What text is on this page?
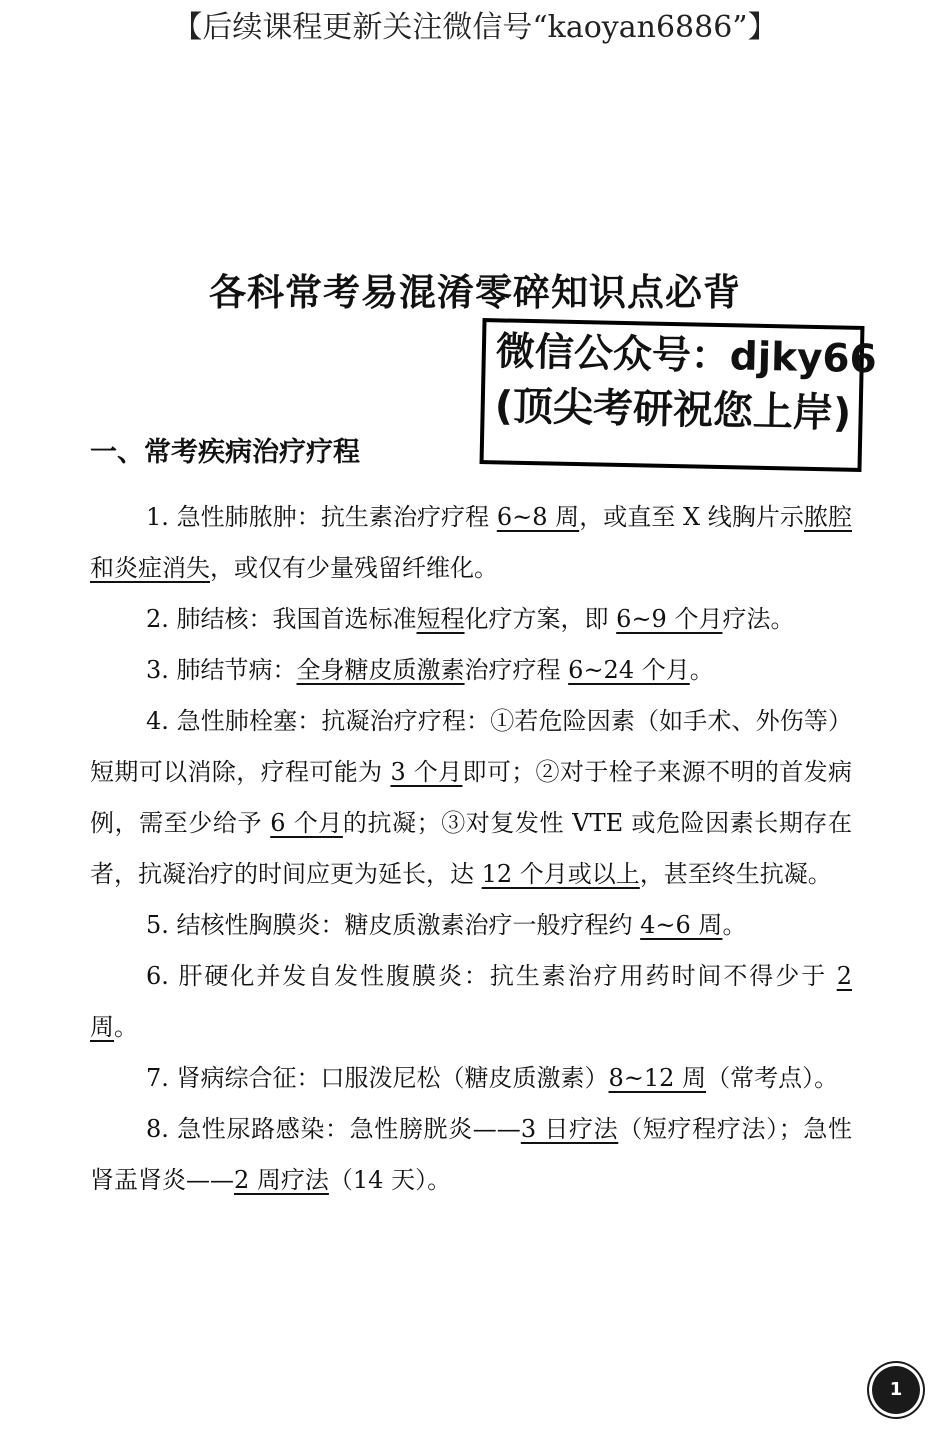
【后续课程更新关注微信号“kaoyan6886”】
各科常考易混淆零碎知识点必背
微信公众号：djky66
(顶尖考研祝您上岸)
一、常考疾病治疗疗程

1. 急性肺脓肿：抗生素治疗疗程 6~8 周，或直至 X 线胸片示脓腔和炎症消失，或仅有少量残留纤维化。

2. 肺结核：我国首选标准短程化疗方案，即 6~9 个月疗法。

3. 肺结节病：全身糖皮质激素治疗疗程 6~24 个月。

4. 急性肺栓塞：抗凝治疗疗程：①若危险因素（如手术、外伤等）短期可以消除，疗程可能为 3 个月即可；②对于栓子来源不明的首发病例，需至少给予 6 个月的抗凝；③对复发性 VTE 或危险因素长期存在者，抗凝治疗的时间应更为延长，达 12 个月或以上，甚至终生抗凝。

5. 结核性胸膜炎：糖皮质激素治疗一般疗程约 4~6 周。

6. 肝硬化并发自发性腹膜炎：抗生素治疗用药时间不得少于 2 周。

7. 肾病综合征：口服泼尼松（糖皮质激素）8~12 周（常考点）。

8. 急性尿路感染：急性膀胱炎——3 日疗法（短疗程疗法）；急性肾盂肾炎——2 周疗法（14 天）。

1
